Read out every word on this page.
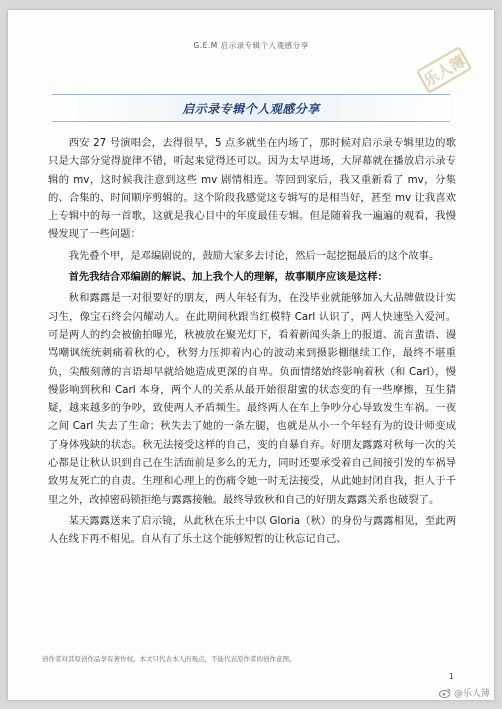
G.E.M 启示录专辑个人观感分享
乐人簿
启示录专辑个人观感分享

西安 27 号演唱会，去得很早，5 点多就坐在内场了，那时候对启示录专辑里边的歌只是大部分觉得旋律不错，听起来觉得还可以。因为太早进场，大屏幕就在播放启示录专辑的 mv，这时候我注意到这些 mv 剧情相连。等回到家后，我又重新看了 mv，分集的、合集的、时间顺序剪辑的。这个阶段我感觉这专辑写的是相当好，甚至 mv 让我喜欢上专辑中的每一首歌，这就是我心目中的年度最佳专辑。但是随着我一遍遍的观看，我慢慢发现了一些问题：

我先叠个甲，是邓编剧说的，鼓励大家多去讨论，然后一起挖掘最后的这个故事。

首先我结合邓编剧的解说、加上我个人的理解，故事顺序应该是这样：

秋和露露是一对很要好的朋友，两人年轻有为，在没毕业就能够加入大品牌做设计实习生，像宝石终会闪耀动人。在此期间秋跟当红模特 Carl 认识了，两人快速坠入爱河。可是两人的约会被偷拍曝光，秋被放在聚光灯下，看着新闻头条上的报道、流言蜚语、谩骂嘲讽统统刺痛着秋的心，秋努力压抑着内心的波动来到摄影棚继续工作，最终不堪重负，尖酸刻薄的言语却早就给她造成更深的自卑。负面情绪始终影响着秋（和 Carl），慢慢影响到秋和 Carl 本身，两个人的关系从最开始很甜蜜的状态变的有一些摩擦，互生猜疑，越来越多的争吵，致使两人矛盾频生。最终两人在车上争吵分心导致发生车祸。一夜之间 Carl 失去了生命；秋失去了她的一条左腿，也就是从小一个年轻有为的设计师变成了身体残缺的状态。秋无法接受这样的自己，变的自暴自弃。好朋友露露对秋每一次的关心都是让秋认识到自己在生活面前是多么的无力，同时还要承受着自己间接引发的车祸导致男友死亡的自责。生理和心理上的伤痛令她一时无法接受，从此她封闭自我，拒人于千里之外，改掉密码锁拒绝与露露接触。最终导致秋和自己的好朋友露露关系也破裂了。

某天露露送来了启示镜，从此秋在乐土中以 Gloria（秋）的身份与露露相见，至此两人在线下再不相见。自从有了乐土这个能够短暂的让秋忘记自己、

创作者对其原创作品享有著作权。本文只代表本人的观点，不能代表原作者的创作意图。
1
@乐人簿
